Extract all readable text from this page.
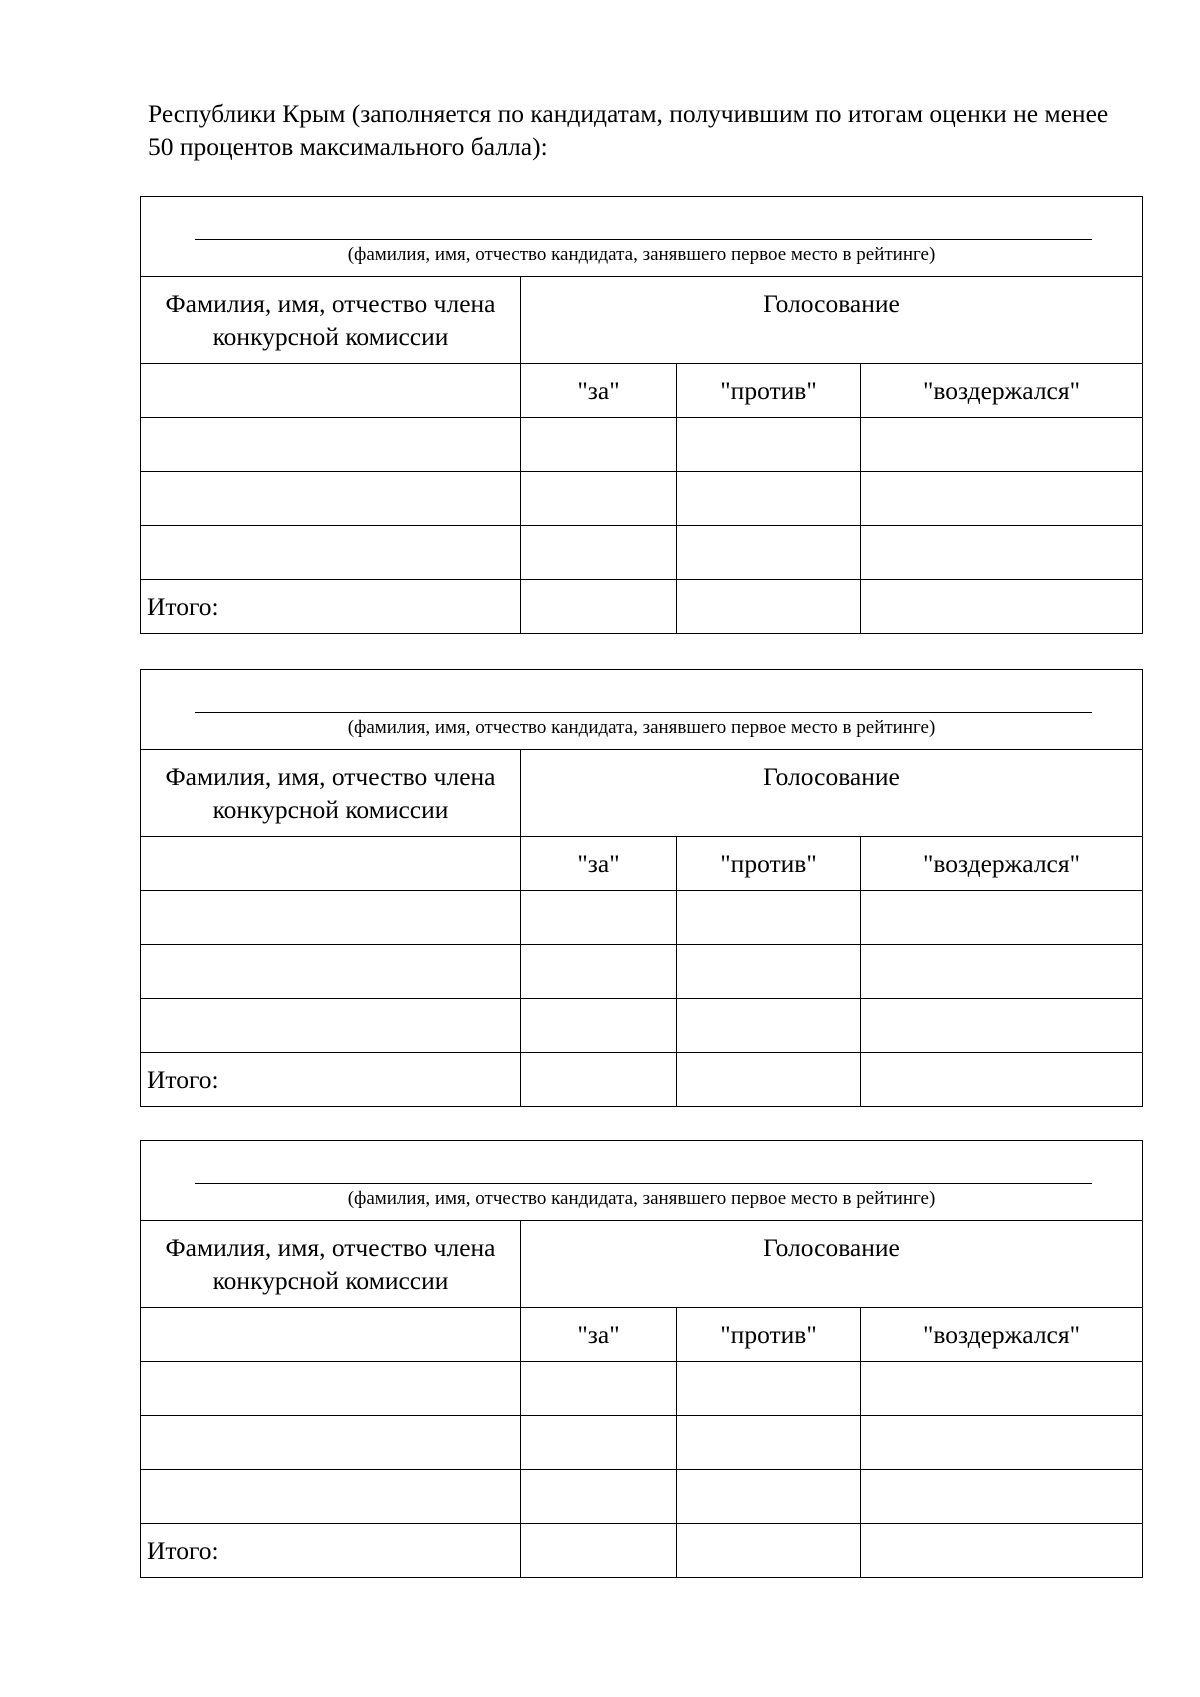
Республики Крым (заполняется по кандидатам, получившим по итогам оценки не менее 50 процентов максимального балла):

(фамилия, имя, отчество кандидата, занявшего первое место в рейтинге)			

Фамилия, имя, отчество члена конкурсной комиссии	Голосование		
	"за"	"против"	"воздержался"

Итого:			
(фамилия, имя, отчество кандидата, занявшего первое место в рейтинге)			

Фамилия, имя, отчество члена конкурсной комиссии	Голосование		
	"за"	"против"	"воздержался"

Итого:			
(фамилия, имя, отчество кандидата, занявшего первое место в рейтинге)			

Фамилия, имя, отчество члена конкурсной комиссии	Голосование		
	"за"	"против"	"воздержался"

Итого:			
